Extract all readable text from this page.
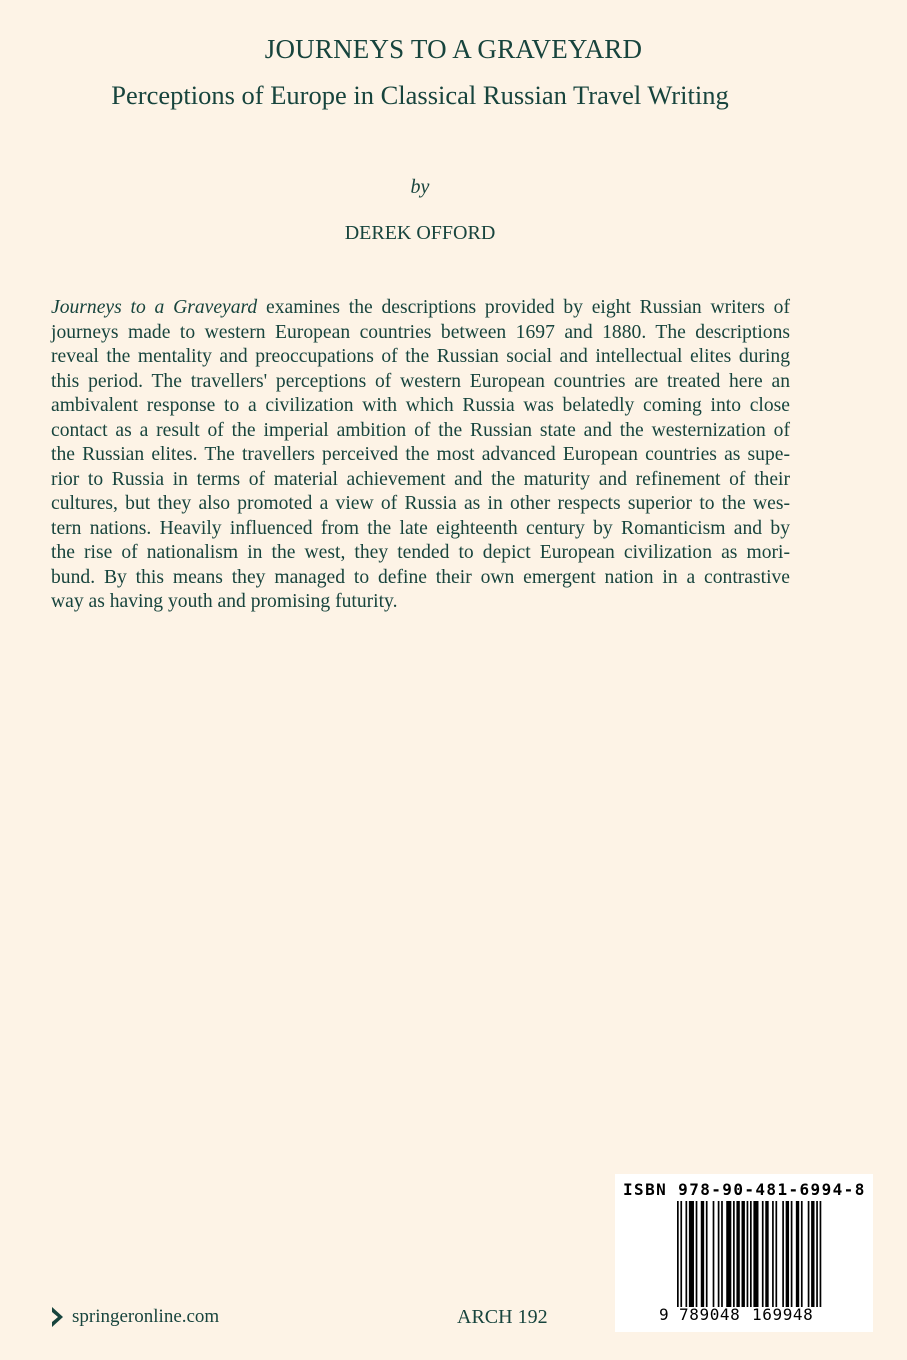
JOURNEYS TO A GRAVEYARD
Perceptions of Europe in Classical Russian Travel Writing
by
DEREK OFFORD
Journeys to a Graveyard examines the descriptions provided by eight Russian writers of
journeys made to western European countries between 1697 and 1880. The descriptions
reveal the mentality and preoccupations of the Russian social and intellectual elites during
this period. The travellers' perceptions of western European countries are treated here an
ambivalent response to a civilization with which Russia was belatedly coming into close
contact as a result of the imperial ambition of the Russian state and the westernization of
the Russian elites. The travellers perceived the most advanced European countries as supe-
rior to Russia in terms of material achievement and the maturity and refinement of their
cultures, but they also promoted a view of Russia as in other respects superior to the wes-
tern nations. Heavily influenced from the late eighteenth century by Romanticism and by
the rise of nationalism in the west, they tended to depict European civilization as mori-
bund. By this means they managed to define their own emergent nation in a contrastive
way as having youth and promising futurity.
springeronline.com	ARCH 192
ISBN 978-90-481-6994-8
9 789048 169948
